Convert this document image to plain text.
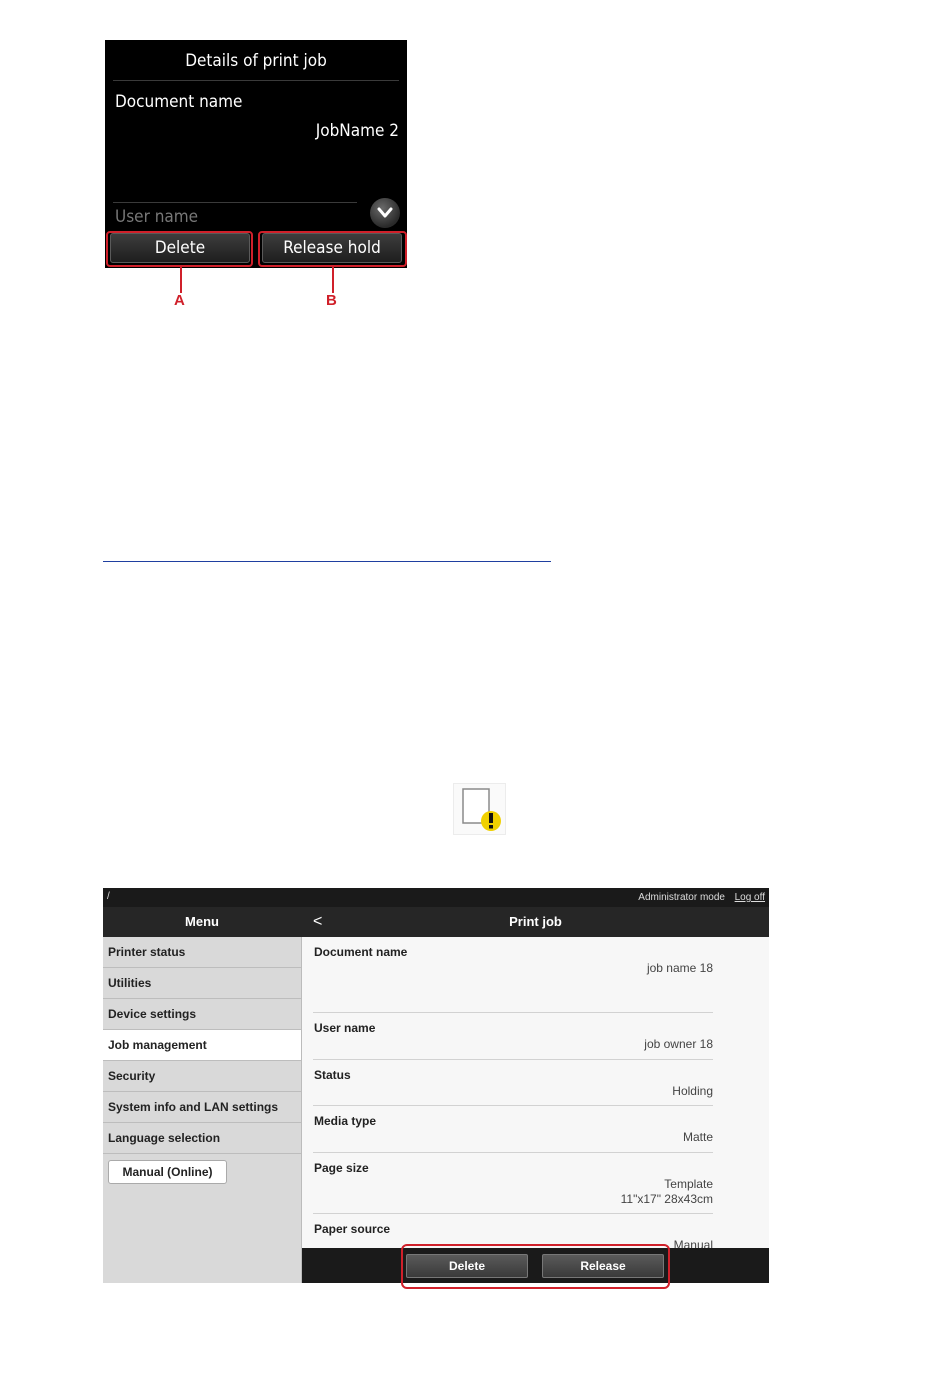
Details of print job
Document name
JobName 2
User name
Delete	Release hold
A	B
/	Administrator mode Log off
Menu	<	Print job
Printer status
Utilities
Device settings
Job management
Security
System info and LAN settings
Language selection
Manual (Online)
Document name
job name 18
User name
job owner 18
Status
Holding
Media type
Matte
Page size
Template
11"x17" 28x43cm
Paper source
Manual
Delete	Release
